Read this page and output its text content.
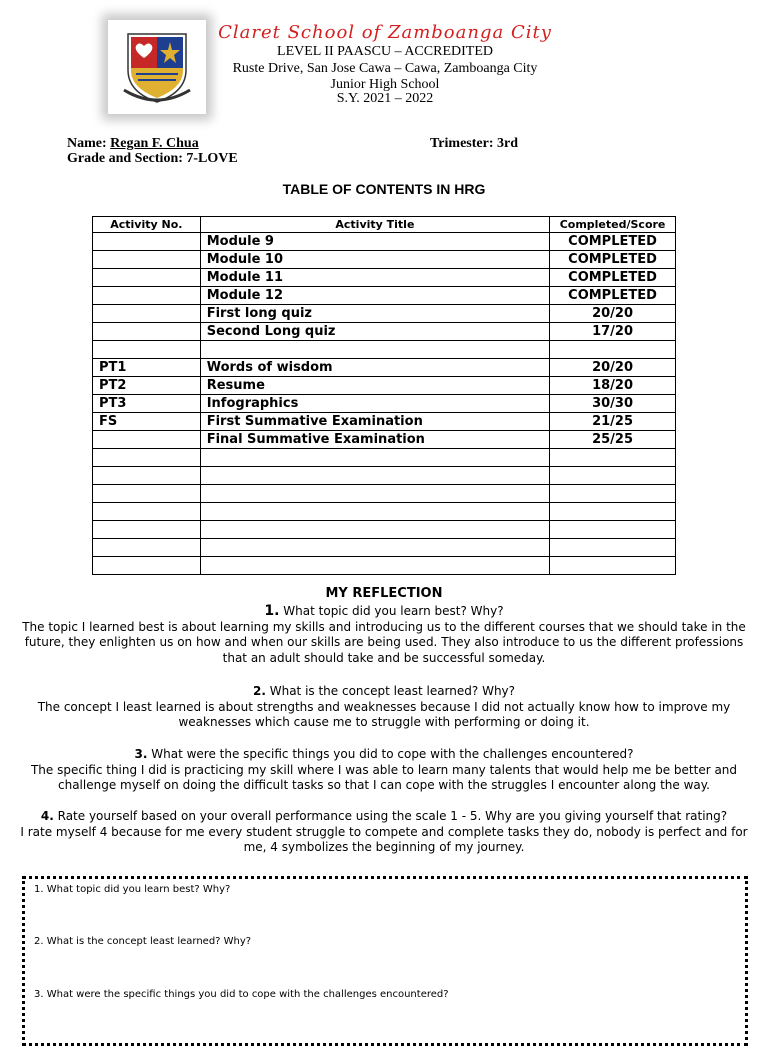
Claret School of Zamboanga City
LEVEL II PAASCU – ACCREDITED
Ruste Drive, San Jose Cawa – Cawa, Zamboanga City
Junior High School
S.Y. 2021 – 2022
Name: Regan F. Chua	Trimester: 3rd
Grade and Section: 7-LOVE
TABLE OF CONTENTS IN HRG
Activity No.	Activity Title	Completed/Score
	Module 9	COMPLETED
	Module 10	COMPLETED
	Module 11	COMPLETED
	Module 12	COMPLETED
	First long quiz	20/20
	Second Long quiz	17/20

PT1	Words of wisdom	20/20
PT2	Resume	18/20
PT3	Infographics	30/30
FS	First Summative Examination	21/25
	Final Summative Examination	25/25

MY REFLECTION
1. What topic did you learn best? Why?
The topic I learned best is about learning my skills and introducing us to the different courses that we should take in the future, they enlighten us on how and when our skills are being used. They also introduce to us the different professions that an adult should take and be successful someday.
2. What is the concept least learned? Why?
The concept I least learned is about strengths and weaknesses because I did not actually know how to improve my weaknesses which cause me to struggle with performing or doing it.
3. What were the specific things you did to cope with the challenges encountered?
The specific thing I did is practicing my skill where I was able to learn many talents that would help me be better and challenge myself on doing the difficult tasks so that I can cope with the struggles I encounter along the way.
4. Rate yourself based on your overall performance using the scale 1 - 5. Why are you giving yourself that rating?
I rate myself 4 because for me every student struggle to compete and complete tasks they do, nobody is perfect and for me, 4 symbolizes the beginning of my journey.
1. What topic did you learn best? Why?
2. What is the concept least learned? Why?
3. What were the specific things you did to cope with the challenges encountered?
